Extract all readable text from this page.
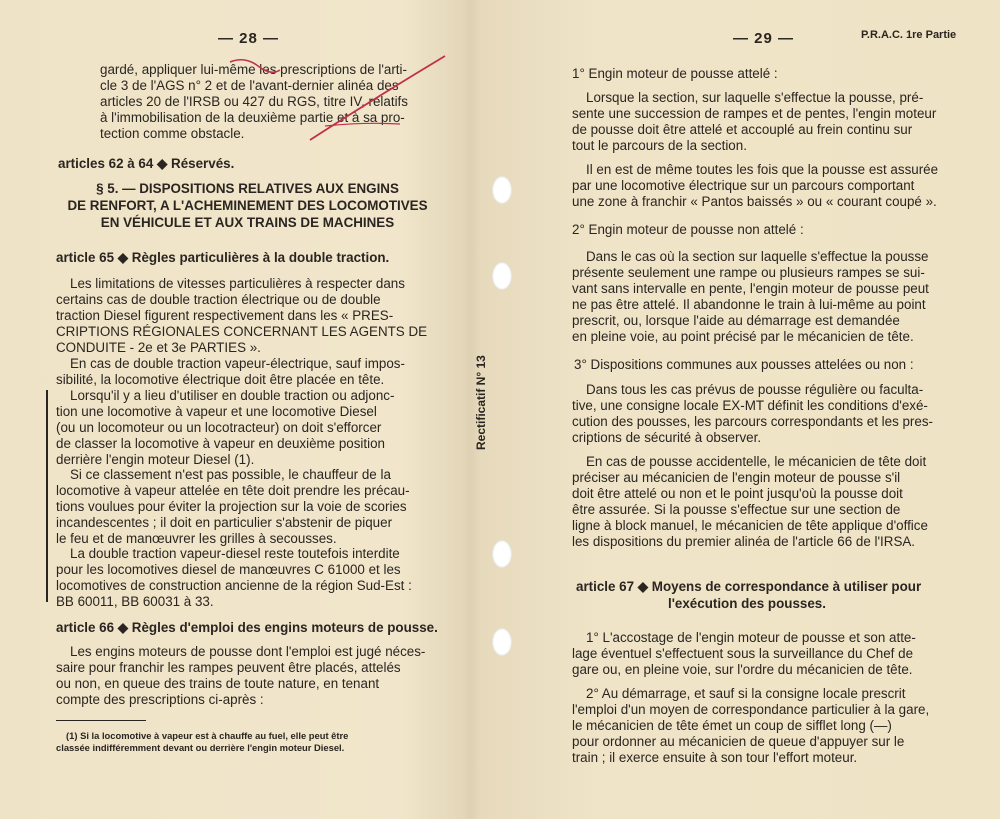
— 28 —

gardé, appliquer lui-même les prescriptions de l'arti-

cle 3 de l'AGS n° 2 et de l'avant-dernier alinéa des

articles 20 de l'IRSB ou 427 du RGS, titre IV, relatifs

à l'immobilisation de la deuxième partie et à sa pro-

tection comme obstacle.

articles 62 à 64 ◆ Réservés.

§ 5. — DISPOSITIONS RELATIVES AUX ENGINS

DE RENFORT, A L'ACHEMINEMENT DES LOCOMOTIVES

EN VÉHICULE ET AUX TRAINS DE MACHINES

article 65 ◆ Règles particulières à la double traction.

Les limitations de vitesses particulières à respecter dans

certains cas de double traction électrique ou de double

traction Diesel figurent respectivement dans les « PRES-

CRIPTIONS RÉGIONALES CONCERNANT LES AGENTS DE

CONDUITE - 2e et 3e PARTIES ».

En cas de double traction vapeur-électrique, sauf impos-

sibilité, la locomotive électrique doit être placée en tête.

Lorsqu'il y a lieu d'utiliser en double traction ou adjonc-

tion une locomotive à vapeur et une locomotive Diesel

(ou un locomoteur ou un locotracteur) on doit s'efforcer

de classer la locomotive à vapeur en deuxième position

derrière l'engin moteur Diesel (1).

Si ce classement n'est pas possible, le chauffeur de la

locomotive à vapeur attelée en tête doit prendre les précau-

tions voulues pour éviter la projection sur la voie de scories

incandescentes ; il doit en particulier s'abstenir de piquer

le feu et de manœuvrer les grilles à secousses.

La double traction vapeur-diesel reste toutefois interdite

pour les locomotives diesel de manœuvres C 61000 et les

locomotives de construction ancienne de la région Sud-Est :

BB 60011, BB 60031 à 33.

article 66 ◆ Règles d'emploi des engins moteurs de pousse.

Les engins moteurs de pousse dont l'emploi est jugé néces-

saire pour franchir les rampes peuvent être placés, attelés

ou non, en queue des trains de toute nature, en tenant

compte des prescriptions ci-après :

(1) Si la locomotive à vapeur est à chauffe au fuel, elle peut être

classée indifféremment devant ou derrière l'engin moteur Diesel.

Rectificatif N° 13
— 29 —	P.R.A.C. 1re Partie
1° Engin moteur de pousse attelé :

Lorsque la section, sur laquelle s'effectue la pousse, pré-

sente une succession de rampes et de pentes, l'engin moteur

de pousse doit être attelé et accouplé au frein continu sur

tout le parcours de la section.

Il en est de même toutes les fois que la pousse est assurée

par une locomotive électrique sur un parcours comportant

une zone à franchir « Pantos baissés » ou « courant coupé ».

2° Engin moteur de pousse non attelé :

Dans le cas où la section sur laquelle s'effectue la pousse

présente seulement une rampe ou plusieurs rampes se sui-

vant sans intervalle en pente, l'engin moteur de pousse peut

ne pas être attelé. Il abandonne le train à lui-même au point

prescrit, ou, lorsque l'aide au démarrage est demandée

en pleine voie, au point précisé par le mécanicien de tête.

3° Dispositions communes aux pousses attelées ou non :

Dans tous les cas prévus de pousse régulière ou faculta-

tive, une consigne locale EX-MT définit les conditions d'exé-

cution des pousses, les parcours correspondants et les pres-

criptions de sécurité à observer.

En cas de pousse accidentelle, le mécanicien de tête doit

préciser au mécanicien de l'engin moteur de pousse s'il

doit être attelé ou non et le point jusqu'où la pousse doit

être assurée. Si la pousse s'effectue sur une section de

ligne à block manuel, le mécanicien de tête applique d'office

les dispositions du premier alinéa de l'article 66 de l'IRSA.

article 67 ◆ Moyens de correspondance à utiliser pour

l'exécution des pousses.

1° L'accostage de l'engin moteur de pousse et son atte-

lage éventuel s'effectuent sous la surveillance du Chef de

gare ou, en pleine voie, sur l'ordre du mécanicien de tête.

2° Au démarrage, et sauf si la consigne locale prescrit

l'emploi d'un moyen de correspondance particulier à la gare,

le mécanicien de tête émet un coup de sifflet long (—)

pour ordonner au mécanicien de queue d'appuyer sur le

train ; il exerce ensuite à son tour l'effort moteur.
